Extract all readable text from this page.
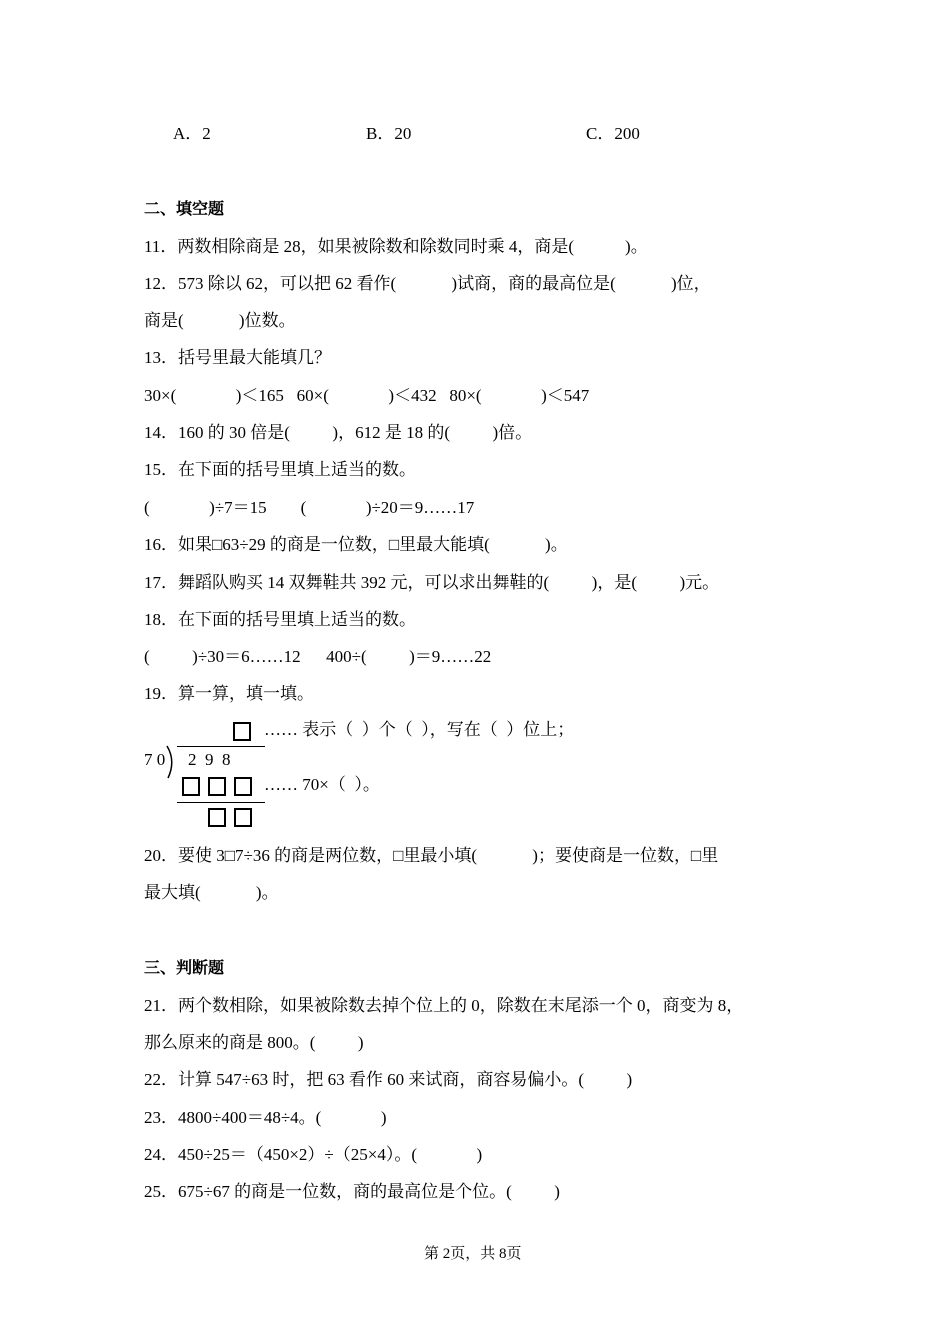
A．2	B．20	C．200
二、填空题
11．两数相除商是 28，如果被除数和除数同时乘 4，商是(            )。
12．573 除以 62，可以把 62 看作(             )试商，商的最高位是(             )位，
商是(             )位数。
13．括号里最大能填几？
30×(              )＜165   60×(              )＜432   80×(              )＜547
14．160 的 30 倍是(          )，612 是 18 的(          )倍。
15．在下面的括号里填上适当的数。
(              )÷7＝15        (              )÷20＝9……17
16．如果□63÷29 的商是一位数，□里最大能填(             )。
17．舞蹈队购买 14 双舞鞋共 392 元，可以求出舞鞋的(          )，是(          )元。
18．在下面的括号里填上适当的数。
(          )÷30＝6……12      400÷(          )＝9……22
19．算一算，填一填。
…… 表示（  ）个（  ），写在（  ）位上；
7 0 2  9  8
…… 70×（  ）。
20．要使 3□7÷36 的商是两位数，□里最小填(             )；要使商是一位数，□里
最大填(             )。
三、判断题
21．两个数相除，如果被除数去掉个位上的 0，除数在末尾添一个 0，商变为 8，
那么原来的商是 800。(          )
22．计算 547÷63 时，把 63 看作 60 来试商，商容易偏小。(          )
23．4800÷400＝48÷4。(              )
24．450÷25＝（450×2）÷（25×4）。(              )
25．675÷67 的商是一位数，商的最高位是个位。(          )
第 2页，共 8页
